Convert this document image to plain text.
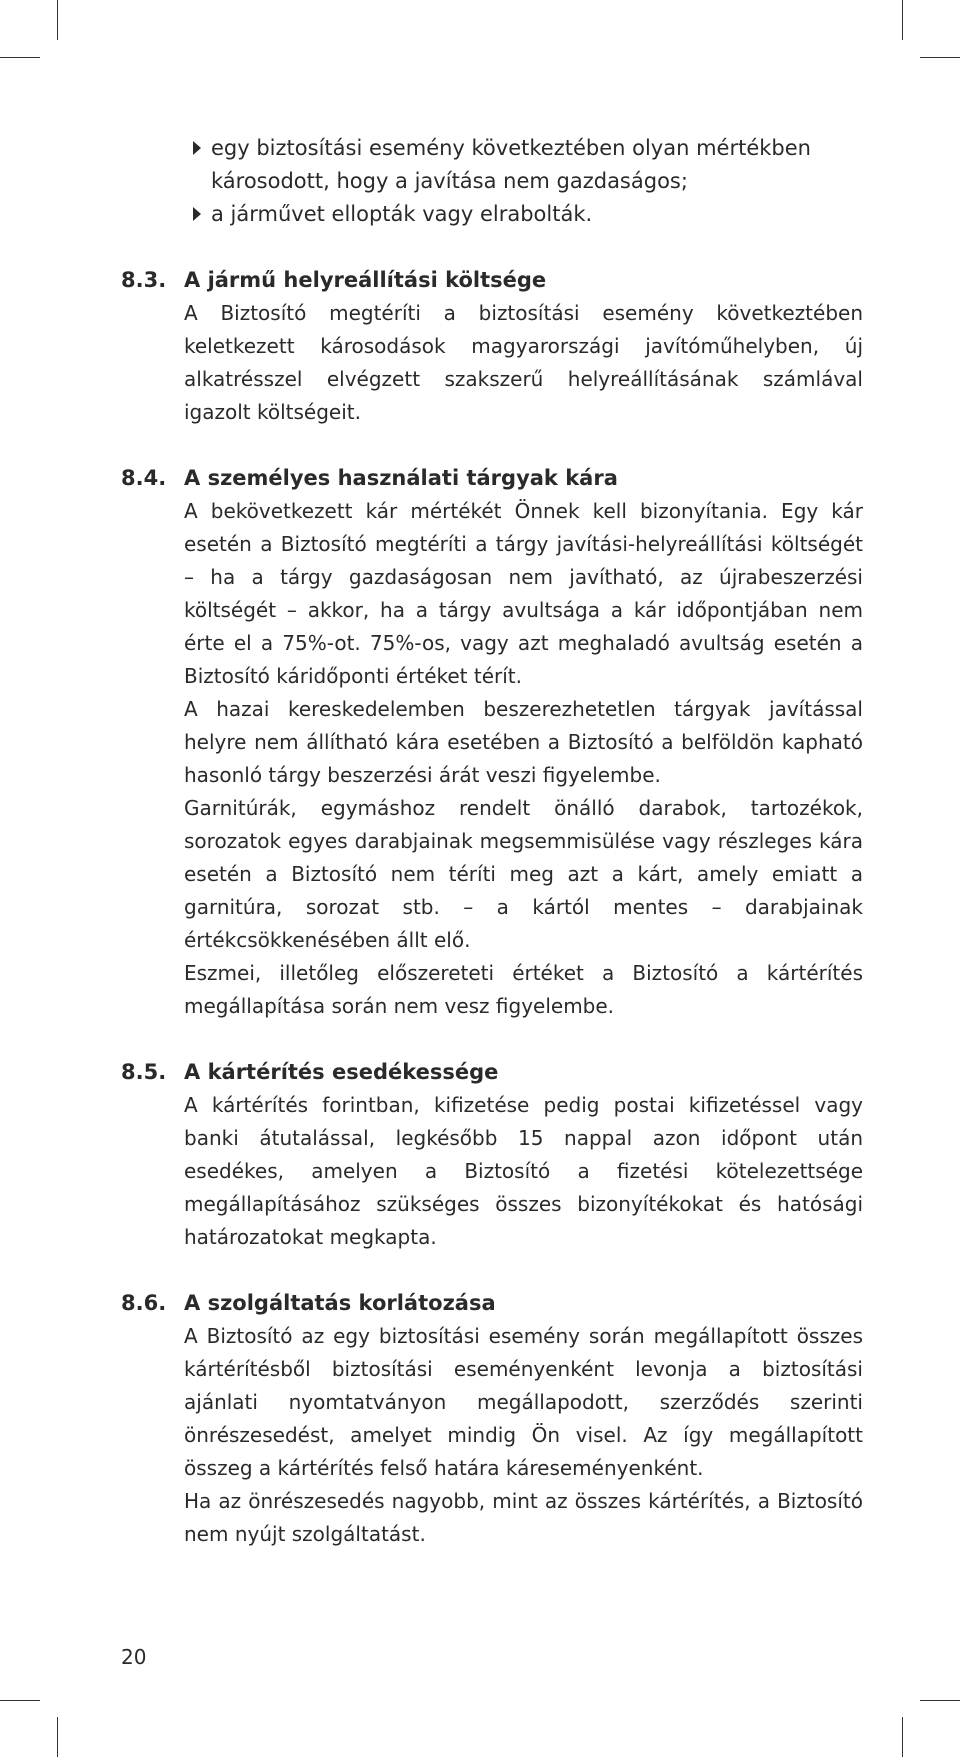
egy biztosítási esemény következtében olyan mértékben károsodott, hogy a javítása nem gazdaságos;
a járművet ellopták vagy elrabolták.
8.3. A jármű helyreállítási költsége

A Biztosító megtéríti a biztosítási esemény következtében keletkezett károsodások magyarországi javítóműhelyben, új alkatrésszel elvégzett szakszerű helyreállításának számlával igazolt költségeit.

8.4. A személyes használati tárgyak kára

A bekövetkezett kár mértékét Önnek kell bizonyítania. Egy kár esetén a Biztosító megtéríti a tárgy javítási-helyreállítási költségét – ha a tárgy gazdaságosan nem javítható, az újrabeszerzési költségét – akkor, ha a tárgy avultsága a kár időpontjában nem érte el a 75%-ot. 75%-os, vagy azt meghaladó avultság esetén a Biztosító káridőponti értéket térít.

A hazai kereskedelemben beszerezhetetlen tárgyak javítással helyre nem állítható kára esetében a Biztosító a belföldön kapható hasonló tárgy beszerzési árát veszi figyelembe.

Garnitúrák, egymáshoz rendelt önálló darabok, tartozékok, sorozatok egyes darabjainak megsemmisülése vagy részleges kára esetén a Biztosító nem téríti meg azt a kárt, amely emiatt a garnitúra, sorozat stb. – a kártól mentes – darabjainak értékcsökkenésében állt elő.

Eszmei, illetőleg előszereteti értéket a Biztosító a kártérítés megállapítása során nem vesz figyelembe.

8.5. A kártérítés esedékessége

A kártérítés forintban, kifizetése pedig postai kifizetéssel vagy banki átutalással, legkésőbb 15 nappal azon időpont után esedékes, amelyen a Biztosító a fizetési kötelezettsége megállapításához szükséges összes bizonyítékokat és hatósági határozatokat megkapta.

8.6. A szolgáltatás korlátozása

A Biztosító az egy biztosítási esemény során megállapított összes kártérítésből biztosítási eseményenként levonja a biztosítási ajánlati nyomtatványon megállapodott, szerződés szerinti önrészesedést, amelyet mindig Ön visel. Az így megállapított összeg a kártérítés felső határa káreseményenként.

Ha az önrészesedés nagyobb, mint az összes kártérítés, a Biztosító nem nyújt szolgáltatást.

20
